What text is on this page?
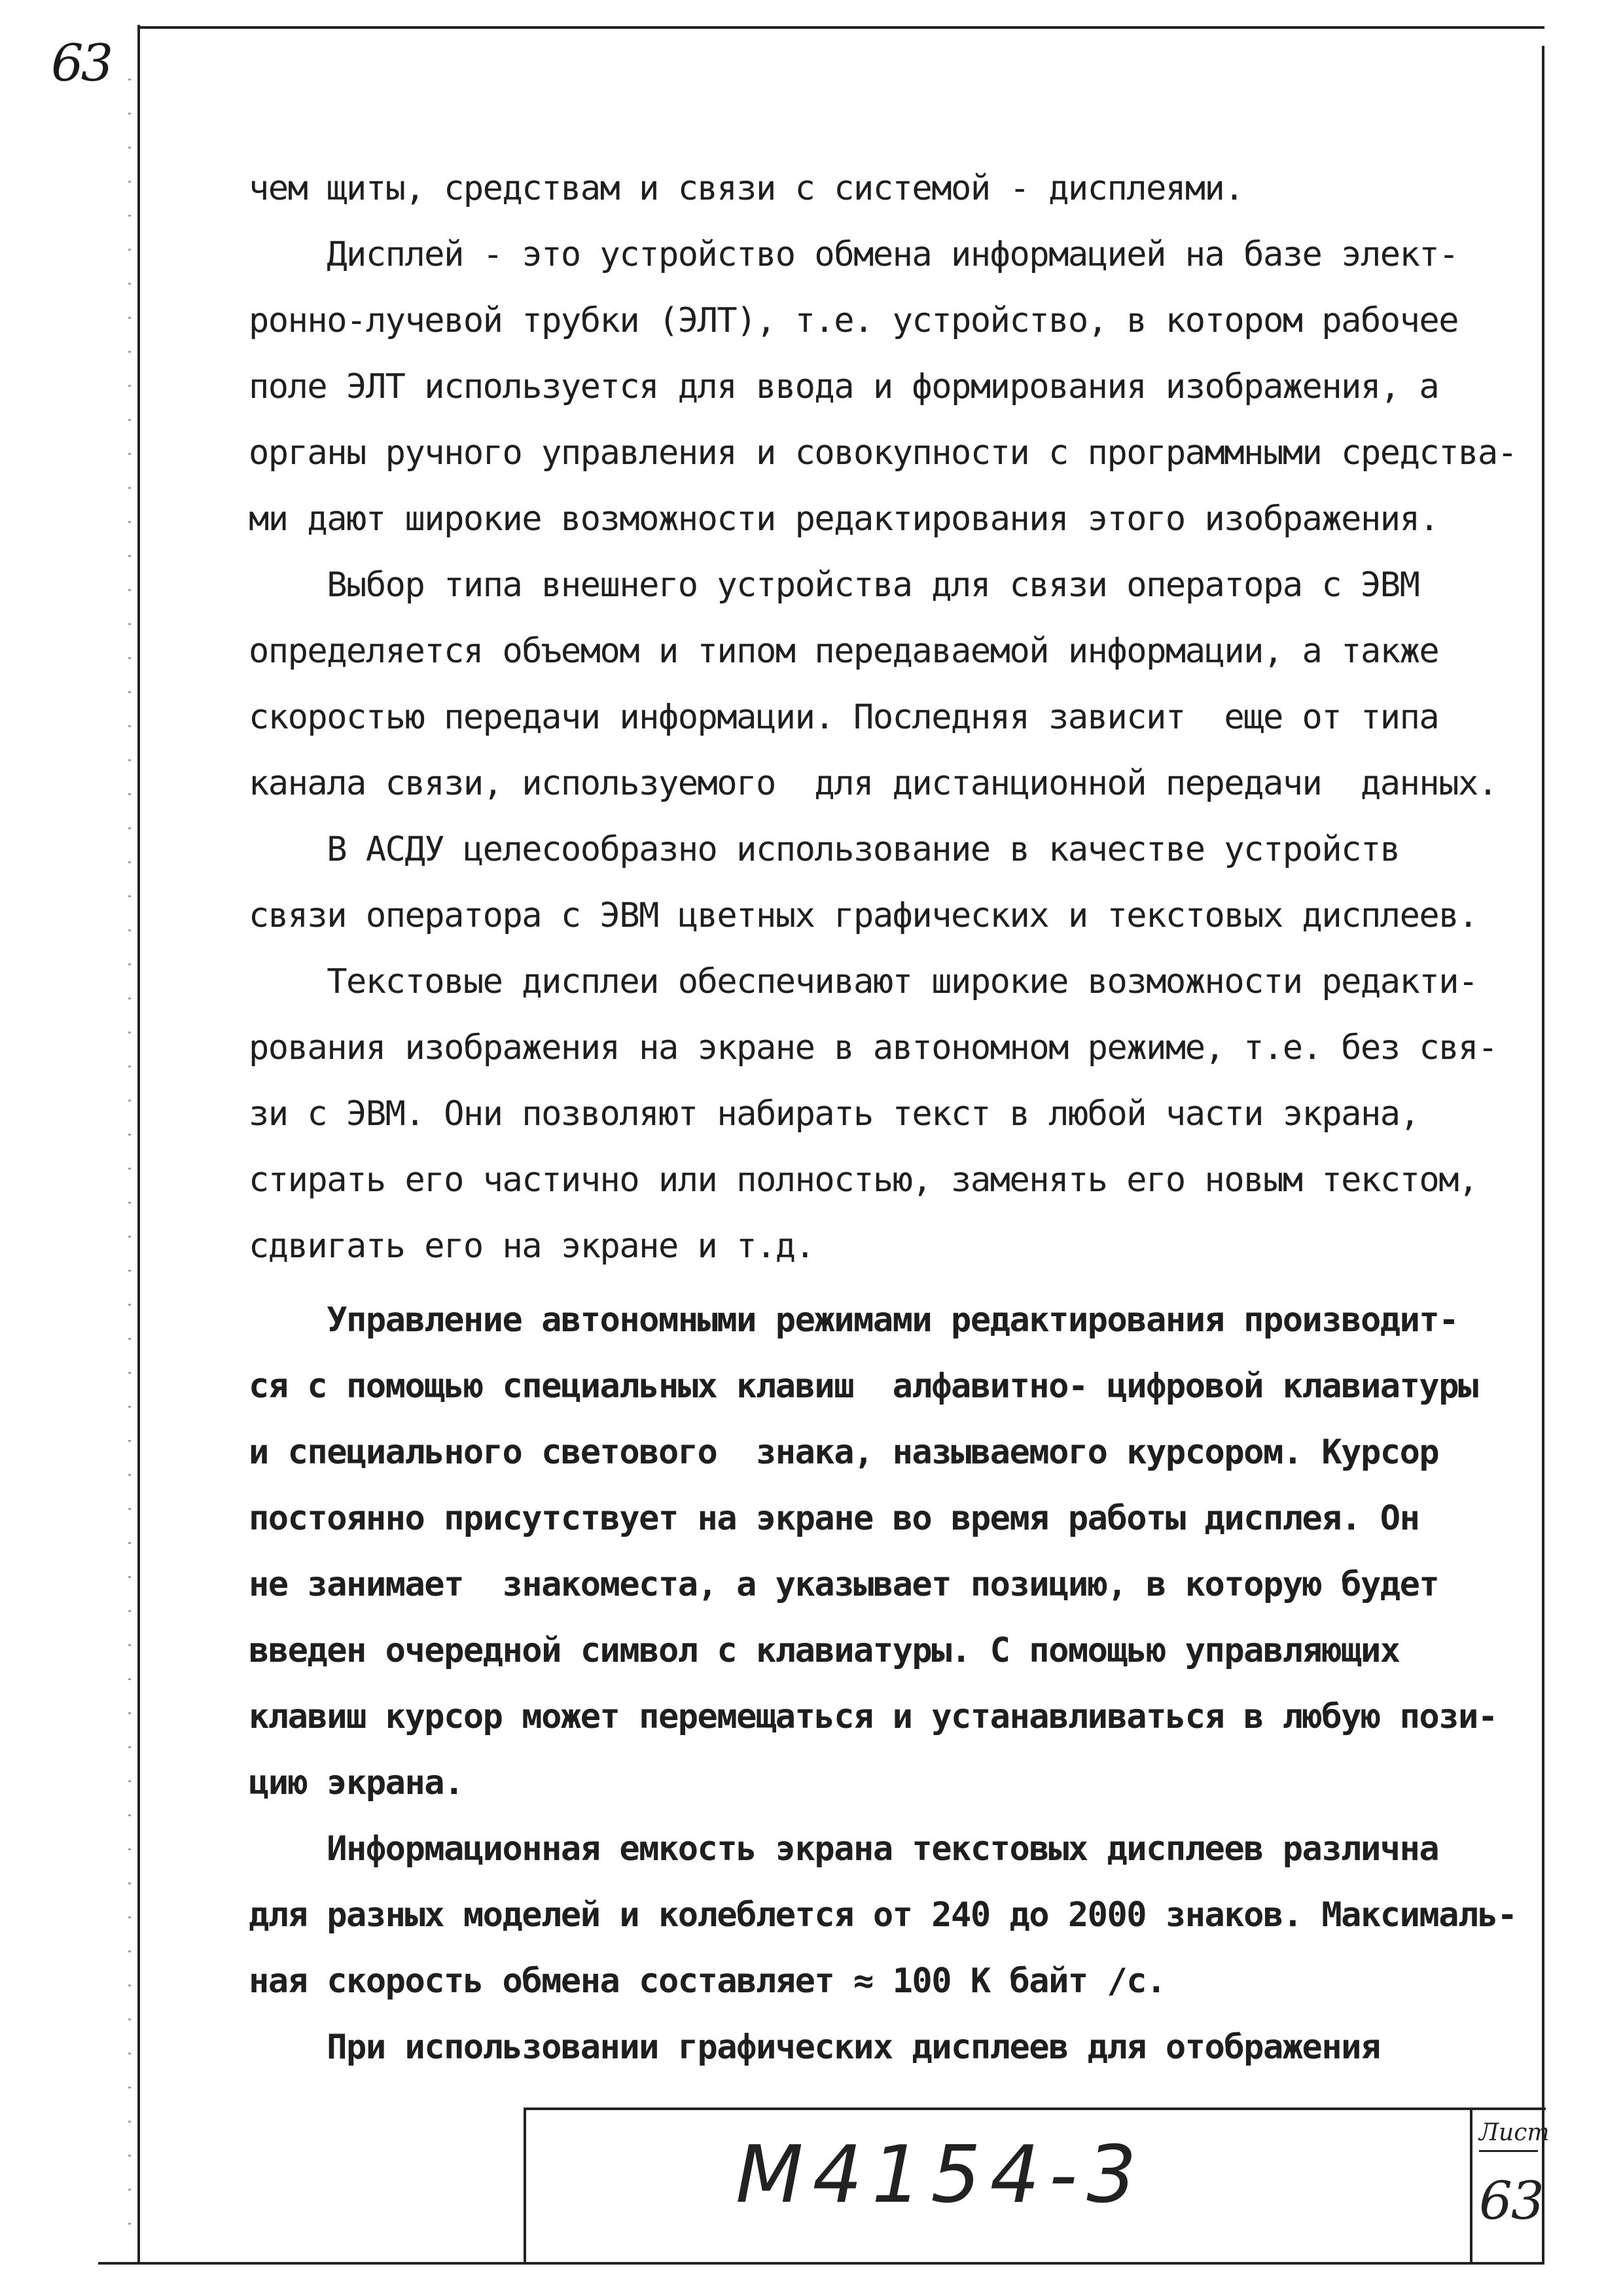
63
чем щиты, средствам и связи с системой - дисплеями.
Дисплей - это устройство обмена информацией на базе элект-
ронно-лучевой трубки (ЭЛТ), т.е. устройство, в котором рабочее
поле ЭЛТ используется для ввода и формирования изображения, а
органы ручного управления и совокупности с программными средства-
ми дают широкие возможности редактирования этого изображения.
Выбор типа внешнего устройства для связи оператора с ЭВМ
определяется объемом и типом передаваемой информации, а также
скоростью передачи информации. Последняя зависит  еще от типа
канала связи, используемого  для дистанционной передачи  данных.
В АСДУ целесообразно использование в качестве устройств
связи оператора с ЭВМ цветных графических и текстовых дисплеев.
Текстовые дисплеи обеспечивают широкие возможности редакти-
рования изображения на экране в автономном режиме, т.е. без свя-
зи с ЭВМ. Они позволяют набирать текст в любой части экрана,
стирать его частично или полностью, заменять его новым текстом,
сдвигать его на экране и т.д.
Управление автономными режимами редактирования производит-
ся с помощью специальных клавиш  алфавитно- цифровой клавиатуры
и специального светового  знака, называемого курсором. Курсор
постоянно присутствует на экране во время работы дисплея. Он
не занимает  знакоместа, а указывает позицию, в которую будет
введен очередной символ с клавиатуры. С помощью управляющих
клавиш курсор может перемещаться и устанавливаться в любую пози-
цию экрана.
Информационная емкость экрана текстовых дисплеев различна
для разных моделей и колеблется от 240 до 2000 знаков. Максималь-
ная скорость обмена составляет ≈ 100 К байт /с.
При использовании графических дисплеев для отображения
М4154-3	Лист
63
